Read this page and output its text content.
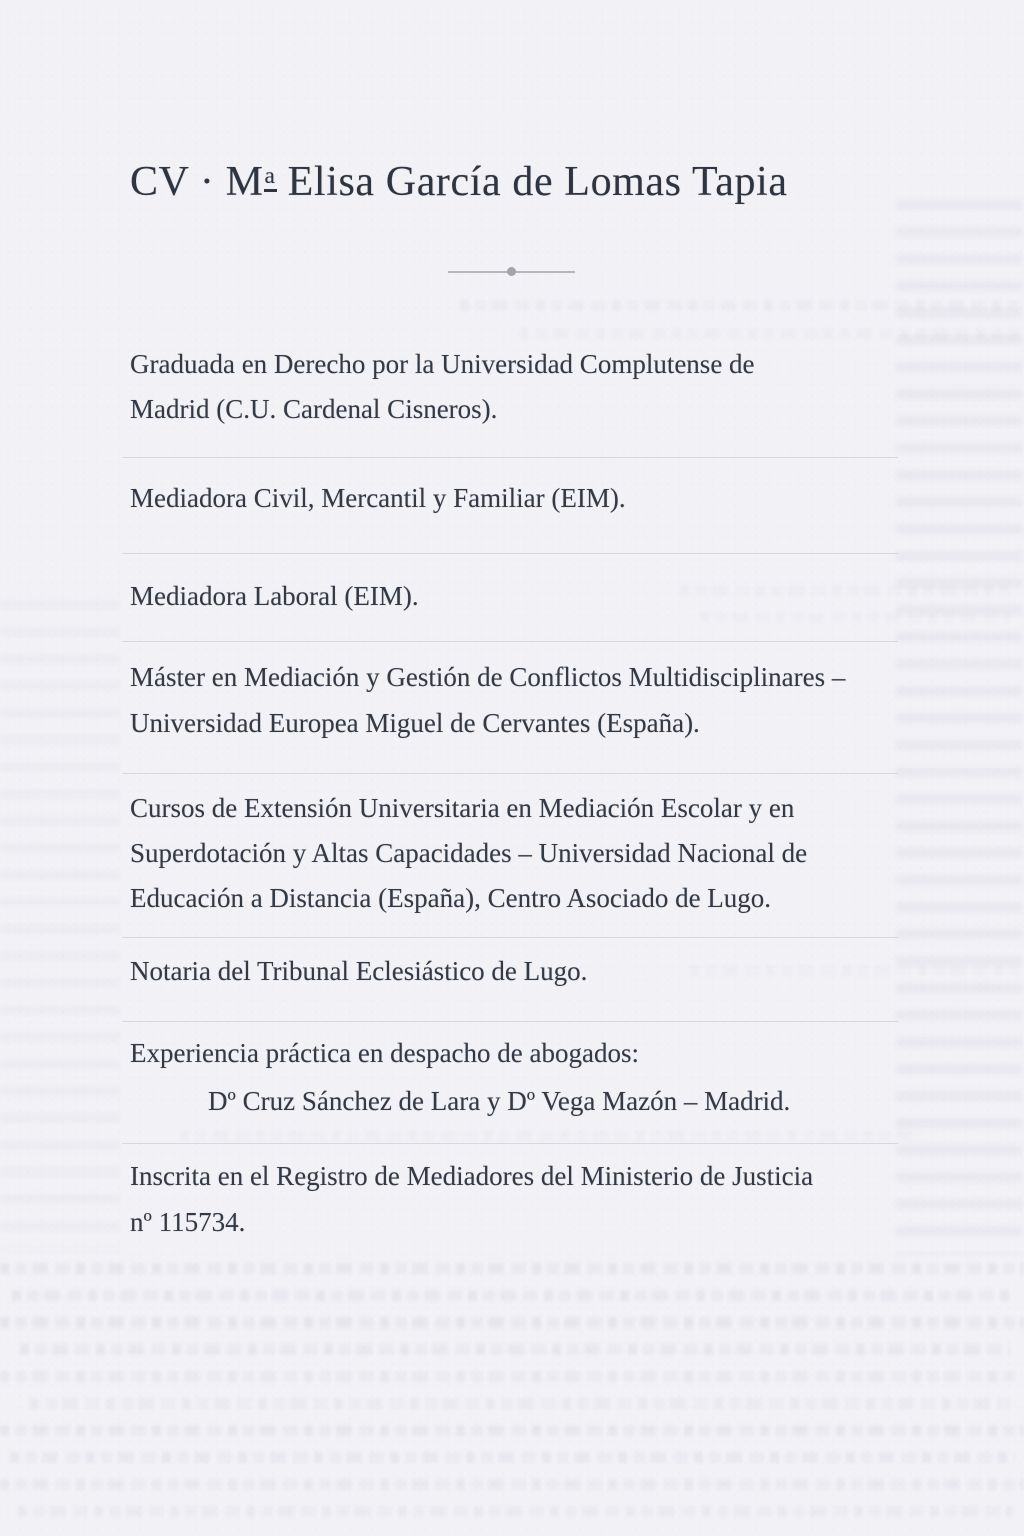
CV · Ma Elisa García de Lomas Tapia
Graduada en Derecho por la Universidad Complutense de
Madrid (C.U. Cardenal Cisneros).
Mediadora Civil, Mercantil y Familiar (EIM).
Mediadora Laboral (EIM).
Máster en Mediación y Gestión de Conflictos Multidisciplinares –
Universidad Europea Miguel de Cervantes (España).
Cursos de Extensión Universitaria en Mediación Escolar y en
Superdotación y Altas Capacidades – Universidad Nacional de
Educación a Distancia (España), Centro Asociado de Lugo.
Notaria del Tribunal Eclesiástico de Lugo.
Experiencia práctica en despacho de abogados:
Dº Cruz Sánchez de Lara y Dº Vega Mazón – Madrid.
Inscrita en el Registro de Mediadores del Ministerio de Justicia
nº 115734.
